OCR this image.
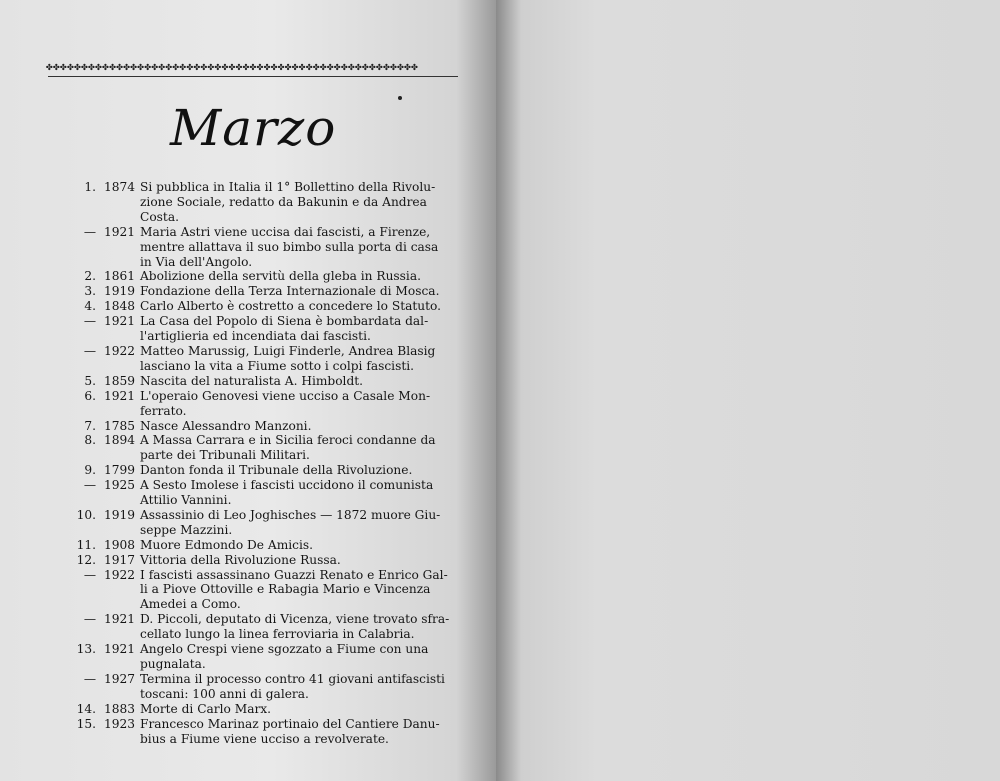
✤✤✤✤✤✤✤✤✤✤✤✤✤✤✤✤✤✤✤✤✤✤✤✤✤✤✤✤✤✤✤✤✤✤✤✤✤✤✤✤✤✤✤✤✤✤✤✤✤✤✤✤✤
Marzo
1. 1874 Si pubblica in Italia il 1° Bollettino della Rivolu-
zione Sociale, redatto da Bakunin e da Andrea
Costa.
— 1921 Maria Astri viene uccisa dai fascisti, a Firenze,
mentre allattava il suo bimbo sulla porta di casa
in Via dell'Angolo.
2. 1861 Abolizione della servitù della gleba in Russia.
3. 1919 Fondazione della Terza Internazionale di Mosca.
4. 1848 Carlo Alberto è costretto a concedere lo Statuto.
— 1921 La Casa del Popolo di Siena è bombardata dal-
l'artiglieria ed incendiata dai fascisti.
— 1922 Matteo Marussig, Luigi Finderle, Andrea Blasig
lasciano la vita a Fiume sotto i colpi fascisti.
5. 1859 Nascita del naturalista A. Himboldt.
6. 1921 L'operaio Genovesi viene ucciso a Casale Mon-
ferrato.
7. 1785 Nasce Alessandro Manzoni.
8. 1894 A Massa Carrara e in Sicilia feroci condanne da
parte dei Tribunali Militari.
9. 1799 Danton fonda il Tribunale della Rivoluzione.
— 1925 A Sesto Imolese i fascisti uccidono il comunista
Attilio Vannini.
10. 1919 Assassinio di Leo Joghisches — 1872 muore Giu-
seppe Mazzini.
11. 1908 Muore Edmondo De Amicis.
12. 1917 Vittoria della Rivoluzione Russa.
— 1922 I fascisti assassinano Guazzi Renato e Enrico Gal-
li a Piove Ottoville e Rabagia Mario e Vincenza
Amedei a Como.
— 1921 D. Piccoli, deputato di Vicenza, viene trovato sfra-
cellato lungo la linea ferroviaria in Calabria.
13. 1921 Angelo Crespi viene sgozzato a Fiume con una
pugnalata.
— 1927 Termina il processo contro 41 giovani antifascisti
toscani: 100 anni di galera.
14. 1883 Morte di Carlo Marx.
15. 1923 Francesco Marinaz portinaio del Cantiere Danu-
bius a Fiume viene ucciso a revolverate.
